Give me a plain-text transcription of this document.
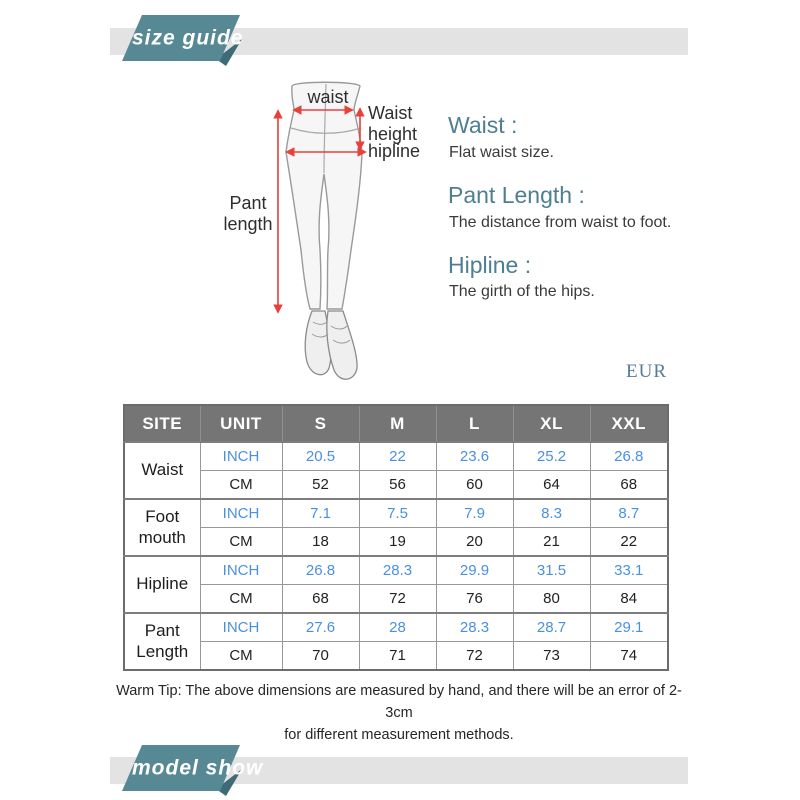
size guide
waist
Waist height
hipline
Pant length
Waist :
Flat waist size.
Pant Length :
The distance from waist to foot.
Hipline :
The girth of the hips.
EUR
SITE	UNIT	S	M	L	XL	XXL
Waist	INCH	20.5	22	23.6	25.2	26.8
	CM	52	56	60	64	68
Foot mouth	INCH	7.1	7.5	7.9	8.3	8.7
	CM	18	19	20	21	22
Hipline	INCH	26.8	28.3	29.9	31.5	33.1
	CM	68	72	76	80	84
Pant Length	INCH	27.6	28	28.3	28.7	29.1
	CM	70	71	72	73	74
Warm Tip: The above dimensions are measured by hand, and there will be an error of 2-3cm
for different measurement methods.
model show
